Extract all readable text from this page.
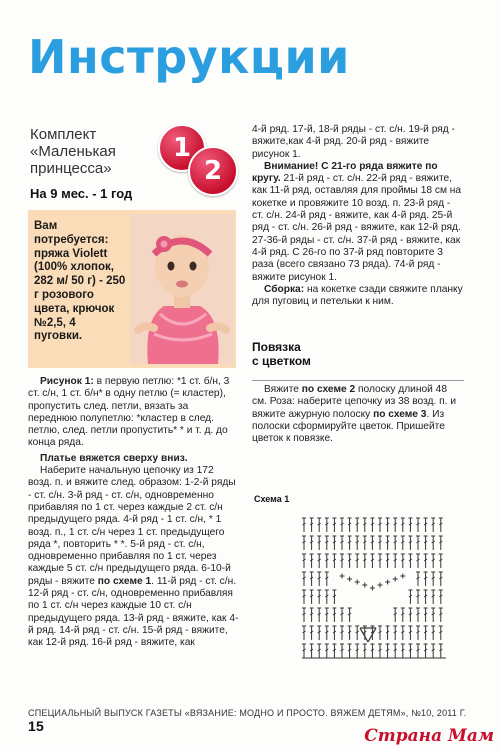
Инструкции
Комплект
«Маленькая
принцесса»
На 9 мес. - 1 год
1
2
Вам потребуется: пряжа Violett (100% хлопок, 282 м/ 50 г) - 250 г розового цвета, крючок №2,5, 4 пуговки.

Рисунок 1: в первую петлю: *1 ст. б/н, 3 ст. с/н, 1 ст. б/н* в одну петлю (= кластер), пропустить след. петли, вязать за переднюю полупетлю: *кластер в след. петлю, след. петли пропустить* * и т. д. до конца ряда.

Платье вяжется сверху вниз.

Наберите начальную цепочку из 172 возд. п. и вяжите след. образом: 1-2-й ряды - ст. с/н. 3-й ряд - ст. с/н, одновременно прибавляя по 1 ст. через каждые 2 ст. с/н предыдущего ряда. 4-й ряд - 1 ст. с/н, * 1 возд. п., 1 ст. с/н через 1 ст. предыдущего ряда *, повторить * *. 5-й ряд - ст. с/н, одновременно прибавляя по 1 ст. через каждые 5 ст. с/н предыдущего ряда. 6-10-й ряды - вяжите по схеме 1. 11-й ряд - ст. с/н. 12-й ряд - ст. с/н, одновременно прибавляя по 1 ст. с/н через каждые 10 ст. с/н предыдущего ряда. 13-й ряд - вяжите, как 4-й ряд. 14-й ряд - ст. с/н. 15-й ряд - вяжите, как 12-й ряд. 16-й ряд - вяжите, как

4-й ряд. 17-й, 18-й ряды - ст. с/н. 19-й ряд - вяжите,как 4-й ряд. 20-й ряд - вяжите рисунок 1.

Внимание! С 21-го ряда вяжите по кругу. 21-й ряд - ст. с/н. 22-й ряд - вяжите, как 11-й ряд, оставляя для проймы 18 см на кокетке и провяжите 10 возд. п. 23-й ряд - ст. с/н. 24-й ряд - вяжите, как 4-й ряд. 25-й ряд - ст. с/н. 26-й ряд - вяжите, как 12-й ряд. 27-36-й ряды - ст. с/н. 37-й ряд - вяжите, как 4-й ряд. С 26-го по 37-й ряд повторите 3 раза (всего связано 73 ряда). 74-й ряд - вяжите рисунок 1.

Сборка: на кокетке сзади свяжите планку для пуговиц и петельки к ним.

Повязка
с цветком

Вяжите по схеме 2 полоску длиной 48 см. Роза: наберите цепочку из 38 возд. п. и вяжите ажурную полоску по схеме 3. Из полоски сформируйте цветок. Пришейте цветок к повязке.

Схема 1
СПЕЦИАЛЬНЫЙ ВЫПУСК ГАЗЕТЫ «ВЯЗАНИЕ: МОДНО И ПРОСТО. ВЯЖЕМ ДЕТЯМ», №10, 2011 Г. 15	Страна Мам
